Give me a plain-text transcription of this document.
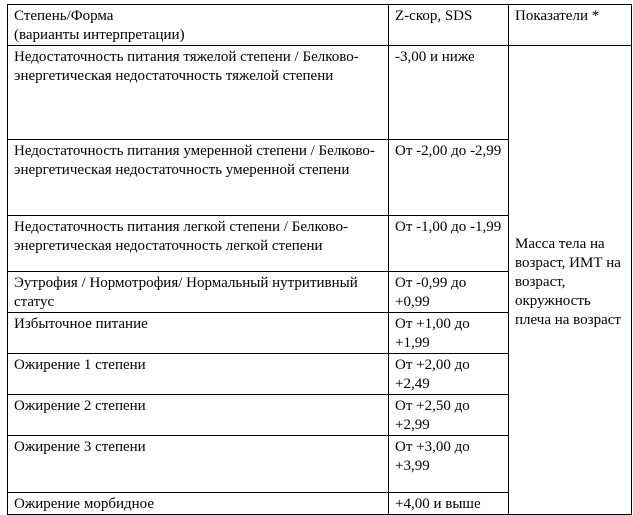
Степень/Форма
(варианты интерпретации)	Z-скор, SDS	Показатели *

Недостаточность питания тяжелой степени / Белково-энергетическая недостаточность тяжелой степени	-3,00 и ниже	Масса тела на возраст, ИМТ на возраст, окружность плеча на возраст

Недостаточность питания умеренной степени / Белково-энергетическая недостаточность умеренной степени	От -2,00 до -2,99	

Недостаточность питания легкой степени / Белково-энергетическая недостаточность легкой степени	От -1,00 до -1,99	

Эутрофия / Нормотрофия/ Нормальный нутритивный статус	От -0,99 до +0,99	

Избыточное питание	От +1,00 до +1,99	

Ожирение 1 степени	От +2,00 до +2,49	

Ожирение 2 степени	От +2,50 до +2,99	

Ожирение 3 степени	От +3,00 до +3,99	

Ожирение морбидное	+4,00 и выше	
